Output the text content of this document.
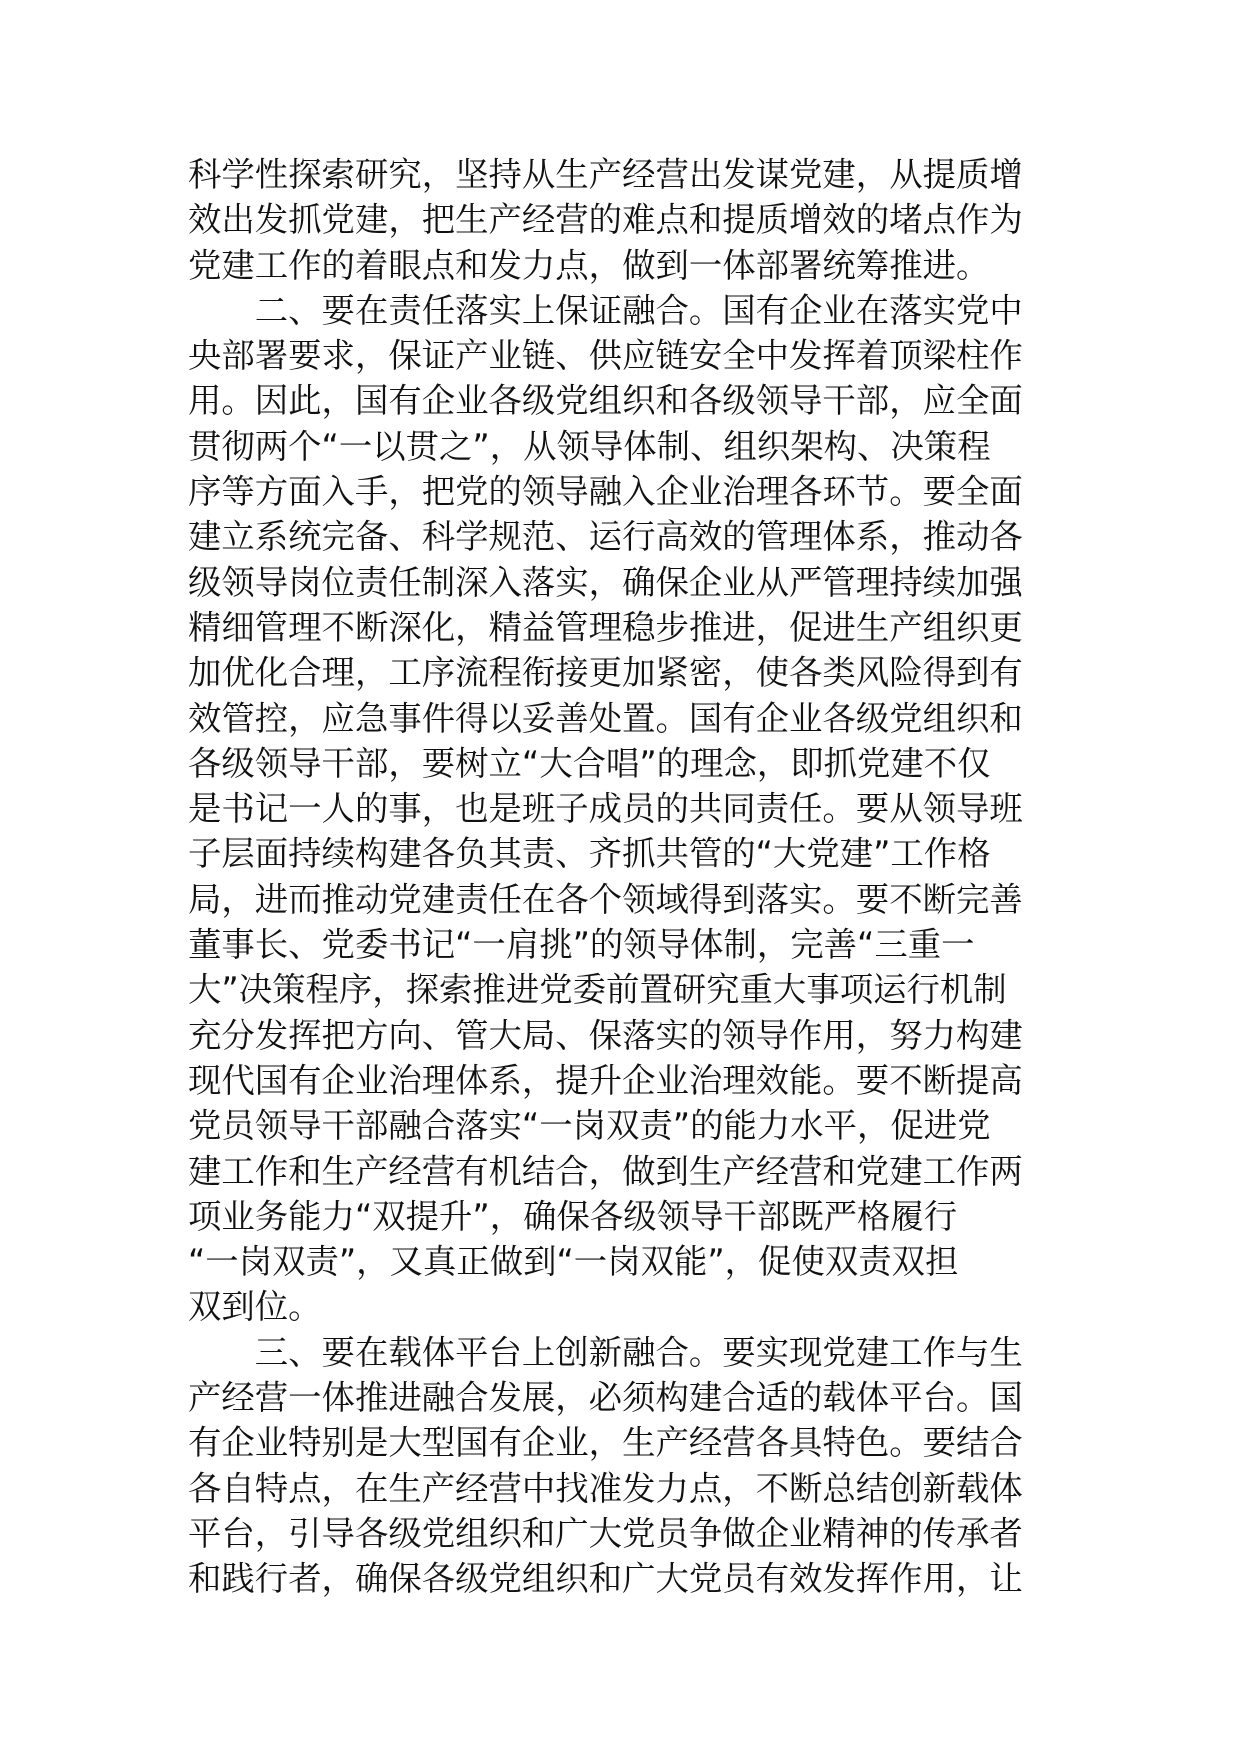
科学性探索研究，坚持从生产经营出发谋党建，从提质增
效出发抓党建，把生产经营的难点和提质增效的堵点作为
党建工作的着眼点和发力点，做到一体部署统筹推进。
　　二、要在责任落实上保证融合。国有企业在落实党中
央部署要求，保证产业链、供应链安全中发挥着顶梁柱作
用。因此，国有企业各级党组织和各级领导干部，应全面
贯彻两个“一以贯之”，从领导体制、组织架构、决策程
序等方面入手，把党的领导融入企业治理各环节。要全面
建立系统完备、科学规范、运行高效的管理体系，推动各
级领导岗位责任制深入落实，确保企业从严管理持续加强
精细管理不断深化，精益管理稳步推进，促进生产组织更
加优化合理，工序流程衔接更加紧密，使各类风险得到有
效管控，应急事件得以妥善处置。国有企业各级党组织和
各级领导干部，要树立“大合唱”的理念，即抓党建不仅
是书记一人的事，也是班子成员的共同责任。要从领导班
子层面持续构建各负其责、齐抓共管的“大党建”工作格
局，进而推动党建责任在各个领域得到落实。要不断完善
董事长、党委书记“一肩挑”的领导体制，完善“三重一
大”决策程序，探索推进党委前置研究重大事项运行机制
充分发挥把方向、管大局、保落实的领导作用，努力构建
现代国有企业治理体系，提升企业治理效能。要不断提高
党员领导干部融合落实“一岗双责”的能力水平，促进党
建工作和生产经营有机结合，做到生产经营和党建工作两
项业务能力“双提升”，确保各级领导干部既严格履行
“一岗双责”，又真正做到“一岗双能”，促使双责双担
双到位。
　　三、要在载体平台上创新融合。要实现党建工作与生
产经营一体推进融合发展，必须构建合适的载体平台。国
有企业特别是大型国有企业，生产经营各具特色。要结合
各自特点，在生产经营中找准发力点，不断总结创新载体
平台，引导各级党组织和广大党员争做企业精神的传承者
和践行者，确保各级党组织和广大党员有效发挥作用，让
